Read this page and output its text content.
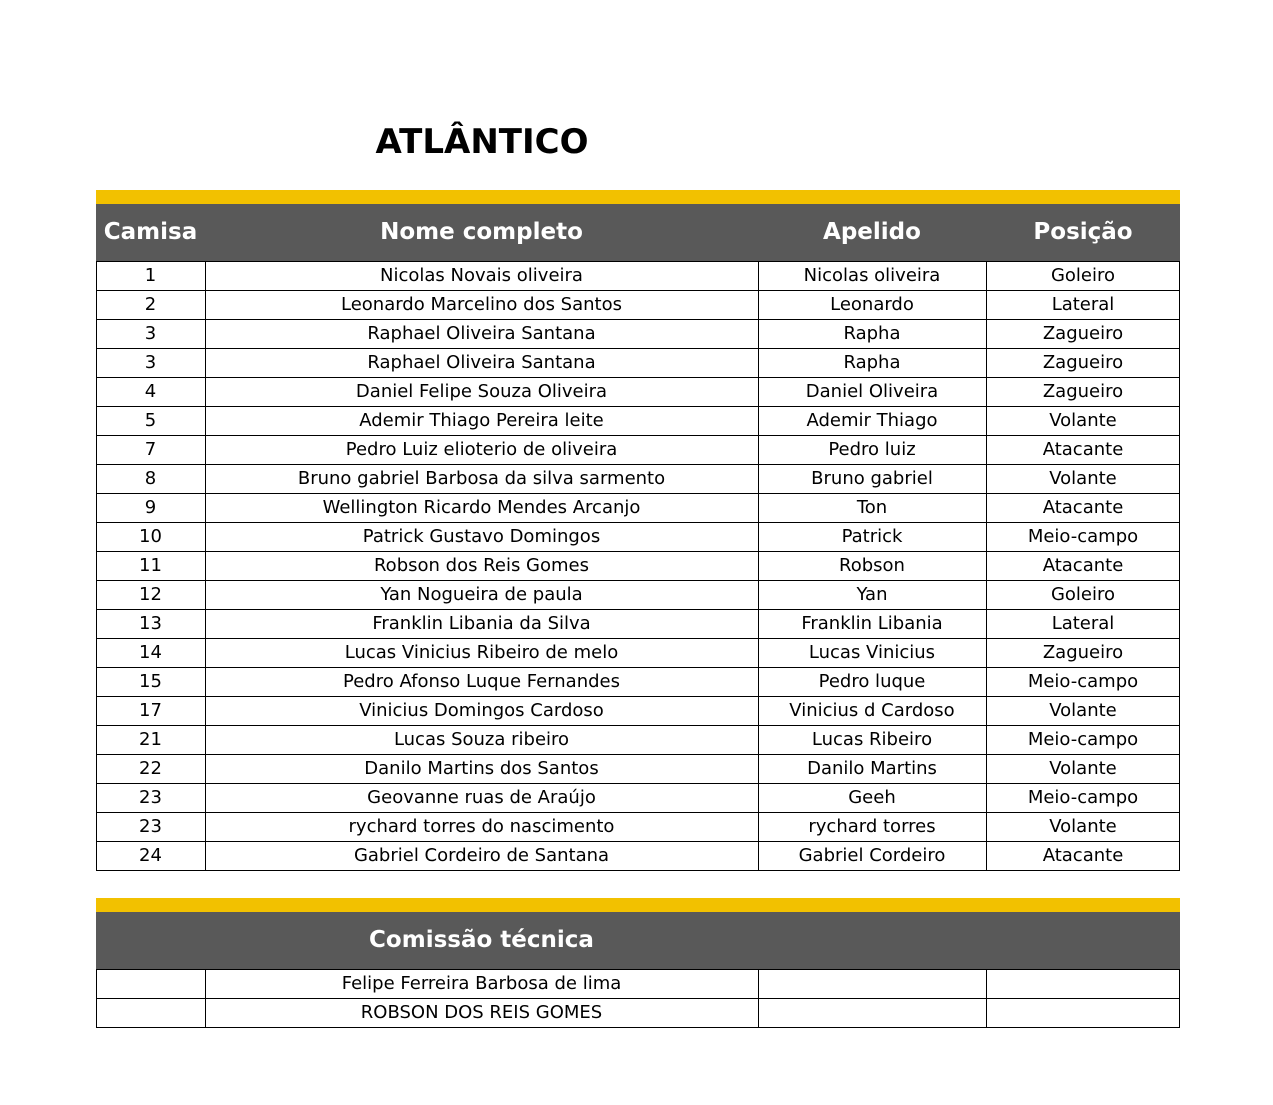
ATLÂNTICO
Camisa	Nome completo	Apelido	Posição
1	Nicolas Novais oliveira	Nicolas oliveira	Goleiro
2	Leonardo Marcelino dos Santos	Leonardo	Lateral
3	Raphael Oliveira Santana	Rapha	Zagueiro
3	Raphael Oliveira Santana	Rapha	Zagueiro
4	Daniel Felipe Souza Oliveira	Daniel Oliveira	Zagueiro
5	Ademir Thiago Pereira leite	Ademir Thiago	Volante
7	Pedro Luiz elioterio de oliveira	Pedro luiz	Atacante
8	Bruno gabriel Barbosa da silva sarmento	Bruno gabriel	Volante
9	Wellington Ricardo Mendes Arcanjo	Ton	Atacante
10	Patrick Gustavo Domingos	Patrick	Meio-campo
11	Robson dos Reis Gomes	Robson	Atacante
12	Yan Nogueira de paula	Yan	Goleiro
13	Franklin Libania da Silva	Franklin Libania	Lateral
14	Lucas Vinicius Ribeiro de melo	Lucas Vinicius	Zagueiro
15	Pedro Afonso Luque Fernandes	Pedro luque	Meio-campo
17	Vinicius Domingos Cardoso	Vinicius d Cardoso	Volante
21	Lucas Souza ribeiro	Lucas Ribeiro	Meio-campo
22	Danilo Martins dos Santos	Danilo Martins	Volante
23	Geovanne ruas de Araújo	Geeh	Meio-campo
23	rychard torres do nascimento	rychard torres	Volante
24	Gabriel Cordeiro de Santana	Gabriel Cordeiro	Atacante
Comissão técnica
Felipe Ferreira Barbosa de lima
ROBSON DOS REIS GOMES
